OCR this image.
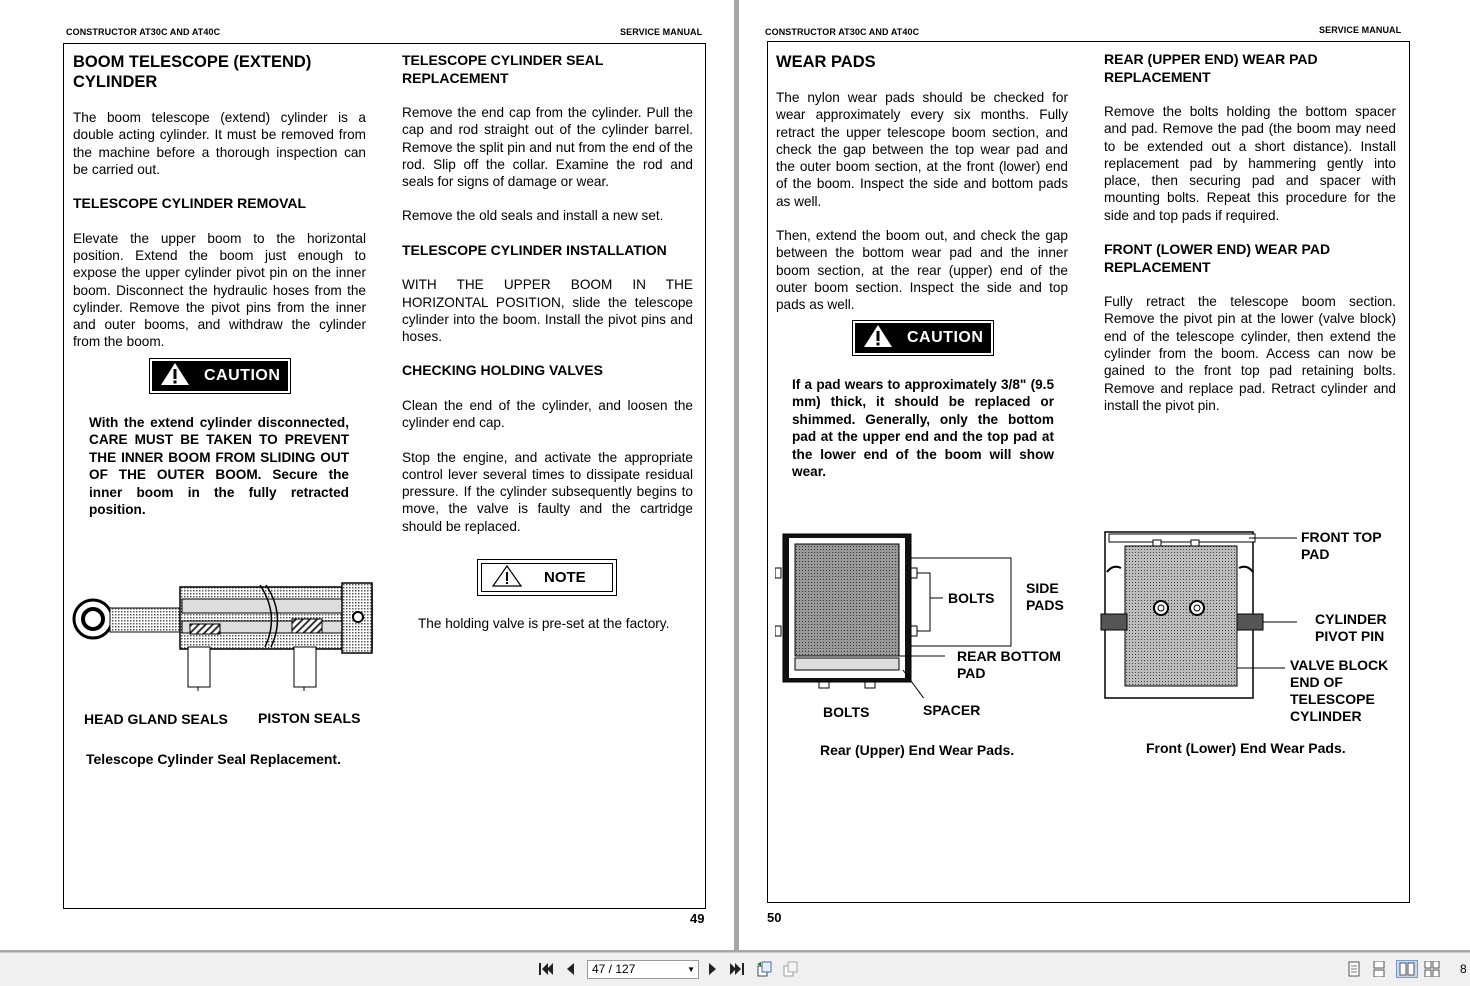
CONSTRUCTOR AT30C AND AT40C	SERVICE MANUAL
BOOM TELESCOPE (EXTEND) CYLINDER

The boom telescope (extend) cylinder is a double acting cylinder. It must be removed from the machine before a thorough inspection can be carried out.

TELESCOPE CYLINDER REMOVAL

Elevate the upper boom to the horizontal position. Extend the boom just enough to expose the upper cylinder pivot pin on the inner boom. Disconnect the hydraulic hoses from the cylinder. Remove the pivot pins from the inner and outer booms, and withdraw the cylinder from the boom.

CAUTION

With the extend cylinder disconnected, CARE MUST BE TAKEN TO PREVENT THE INNER BOOM FROM SLIDING OUT OF THE OUTER BOOM. Secure the inner boom in the fully retracted position.

HEAD GLAND SEALS PISTON SEALS
Telescope Cylinder Seal Replacement.
TELESCOPE CYLINDER SEAL REPLACEMENT

Remove the end cap from the cylinder. Pull the cap and rod straight out of the cylinder barrel. Remove the split pin and nut from the end of the rod. Slip off the collar. Examine the rod and seals for signs of damage or wear.

Remove the old seals and install a new set.

TELESCOPE CYLINDER INSTALLATION

WITH THE UPPER BOOM IN THE HORIZONTAL POSITION, slide the telescope cylinder into the boom. Install the pivot pins and hoses.

CHECKING HOLDING VALVES

Clean the end of the cylinder, and loosen the cylinder end cap.

Stop the engine, and activate the appropriate control lever several times to dissipate residual pressure. If the cylinder subsequently begins to move, the valve is faulty and the cartridge should be replaced.

NOTE

The holding valve is pre-set at the factory.

49
CONSTRUCTOR AT30C AND AT40C	SERVICE MANUAL
WEAR PADS

The nylon wear pads should be checked for wear approximately every six months. Fully retract the upper telescope boom section, and check the gap between the top wear pad and the outer boom section, at the front (lower) end of the boom. Inspect the side and bottom pads as well.

Then, extend the boom out, and check the gap between the bottom wear pad and the inner boom section, at the rear (upper) end of the outer boom section. Inspect the side and top pads as well.

CAUTION

If a pad wears to approximately 3/8" (9.5 mm) thick, it should be replaced or shimmed. Generally, only the bottom pad at the upper end and the top pad at the lower end of the boom will show wear.

REAR (UPPER END) WEAR PAD REPLACEMENT

Remove the bolts holding the bottom spacer and pad. Remove the pad (the boom may need to be extended out a short distance). Install replacement pad by hammering gently into place, then securing pad and spacer with mounting bolts. Repeat this procedure for the side and top pads if required.

FRONT (LOWER END) WEAR PAD REPLACEMENT

Fully retract the telescope boom section. Remove the pivot pin at the lower (valve block) end of the telescope cylinder, then extend the cylinder from the boom. Access can now be gained to the front top pad retaining bolts. Remove and replace pad. Retract cylinder and install the pivot pin.

BOLTS
SIDE PADS
REAR BOTTOM PAD
BOLTS	SPACER
Rear (Upper) End Wear Pads.
FRONT TOP PAD
CYLINDER PIVOT PIN
VALVE BLOCK END OF TELESCOPE CYLINDER
Front (Lower) End Wear Pads.
50
47 / 127	▼	8
